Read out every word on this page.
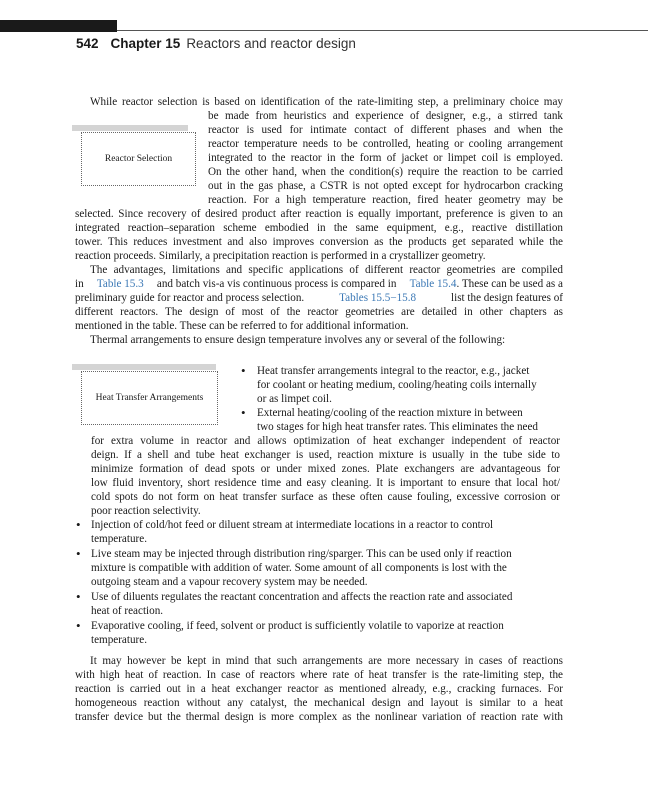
542 Chapter 15 Reactors and reactor design
Reactor Selection
While reactor selection is based on identification of the rate-limiting step, a preliminary choice may
be made from heuristics and experience of designer, e.g., a stirred tank
reactor is used for intimate contact of different phases and when the
reactor temperature needs to be controlled, heating or cooling arrangement
integrated to the reactor in the form of jacket or limpet coil is employed.
On the other hand, when the condition(s) require the reaction to be carried
out in the gas phase, a CSTR is not opted except for hydrocarbon cracking
reaction. For a high temperature reaction, fired heater geometry may be
selected. Since recovery of desired product after reaction is equally important, preference is given to an
integrated reaction–separation scheme embodied in the same equipment, e.g., reactive distillation
tower. This reduces investment and also improves conversion as the products get separated while the
reaction proceeds. Similarly, a precipitation reaction is performed in a crystallizer geometry.
The advantages, limitations and specific applications of different reactor geometries are compiled
in Table 15.3 and batch vis-a vis continuous process is compared in Table 15.4. These can be used as a
preliminary guide for reactor and process selection.	Tables 15.5−15.8	list the design features of
different reactors. The design of most of the reactor geometries are detailed in other chapters as
mentioned in the table. These can be referred to for additional information.
Thermal arrangements to ensure design temperature involves any or several of the following:
Heat Transfer Arrangements
• Heat transfer arrangements integral to the reactor, e.g., jacket
for coolant or heating medium, cooling/heating coils internally
or as limpet coil.
• External heating/cooling of the reaction mixture in between
two stages for high heat transfer rates. This eliminates the need
for extra volume in reactor and allows optimization of heat exchanger independent of reactor
deign. If a shell and tube heat exchanger is used, reaction mixture is usually in the tube side to
minimize formation of dead spots or under mixed zones. Plate exchangers are advantageous for
low fluid inventory, short residence time and easy cleaning. It is important to ensure that local hot/
cold spots do not form on heat transfer surface as these often cause fouling, excessive corrosion or
poor reaction selectivity.
• Injection of cold/hot feed or diluent stream at intermediate locations in a reactor to control
temperature.
• Live steam may be injected through distribution ring/sparger. This can be used only if reaction
mixture is compatible with addition of water. Some amount of all components is lost with the
outgoing steam and a vapour recovery system may be needed.
• Use of diluents regulates the reactant concentration and affects the reaction rate and associated
heat of reaction.
• Evaporative cooling, if feed, solvent or product is sufficiently volatile to vaporize at reaction
temperature.
It may however be kept in mind that such arrangements are more necessary in cases of reactions
with high heat of reaction. In case of reactors where rate of heat transfer is the rate-limiting step, the
reaction is carried out in a heat exchanger reactor as mentioned already, e.g., cracking furnaces. For
homogeneous reaction without any catalyst, the mechanical design and layout is similar to a heat
transfer device but the thermal design is more complex as the nonlinear variation of reaction rate with
